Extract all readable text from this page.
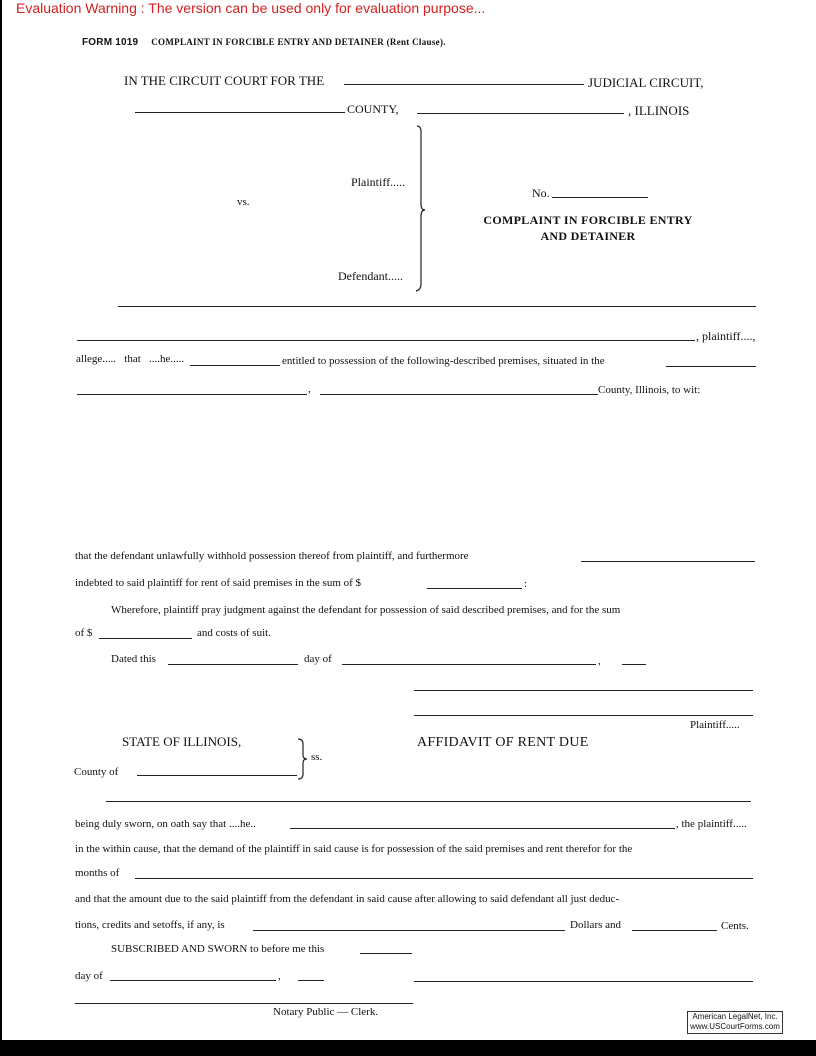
Evaluation Warning : The version can be used only for evaluation purpose...
FORM 1019 COMPLAINT IN FORCIBLE ENTRY AND DETAINER (Rent Clause).
IN THE CIRCUIT COURT FOR THE	JUDICIAL CIRCUIT,
COUNTY,	, ILLINOIS
Plaintiff.....
vs.
Defendant.....
No.
COMPLAINT IN FORCIBLE ENTRY
AND DETAINER
, plaintiff....,
allege.....   that   ....he.....	entitled to possession of the following-described premises, situated in the
,	County, Illinois, to wit:
that the defendant unlawfully withhold possession thereof from plaintiff, and furthermore
indebted to said plaintiff for rent of said premises in the sum of $	:
Wherefore, plaintiff pray judgment against the defendant for possession of said described premises, and for the sum
of $	and costs of suit.
Dated this	day of	,
Plaintiff.....
STATE OF ILLINOIS,
County of
ss.
AFFIDAVIT OF RENT DUE
being duly sworn, on oath say that ....he..	, the plaintiff.....
in the within cause, that the demand of the plaintiff in said cause is for possession of the said premises and rent therefor for the
months of
and that the amount due to the said plaintiff from the defendant in said cause after allowing to said defendant all just deduc-
tions, credits and setoffs, if any, is	Dollars and	Cents.
SUBSCRIBED AND SWORN to before me this
day of	,
Notary Public — Clerk.	American LegalNet, Inc.
www.USCourtForms.com
